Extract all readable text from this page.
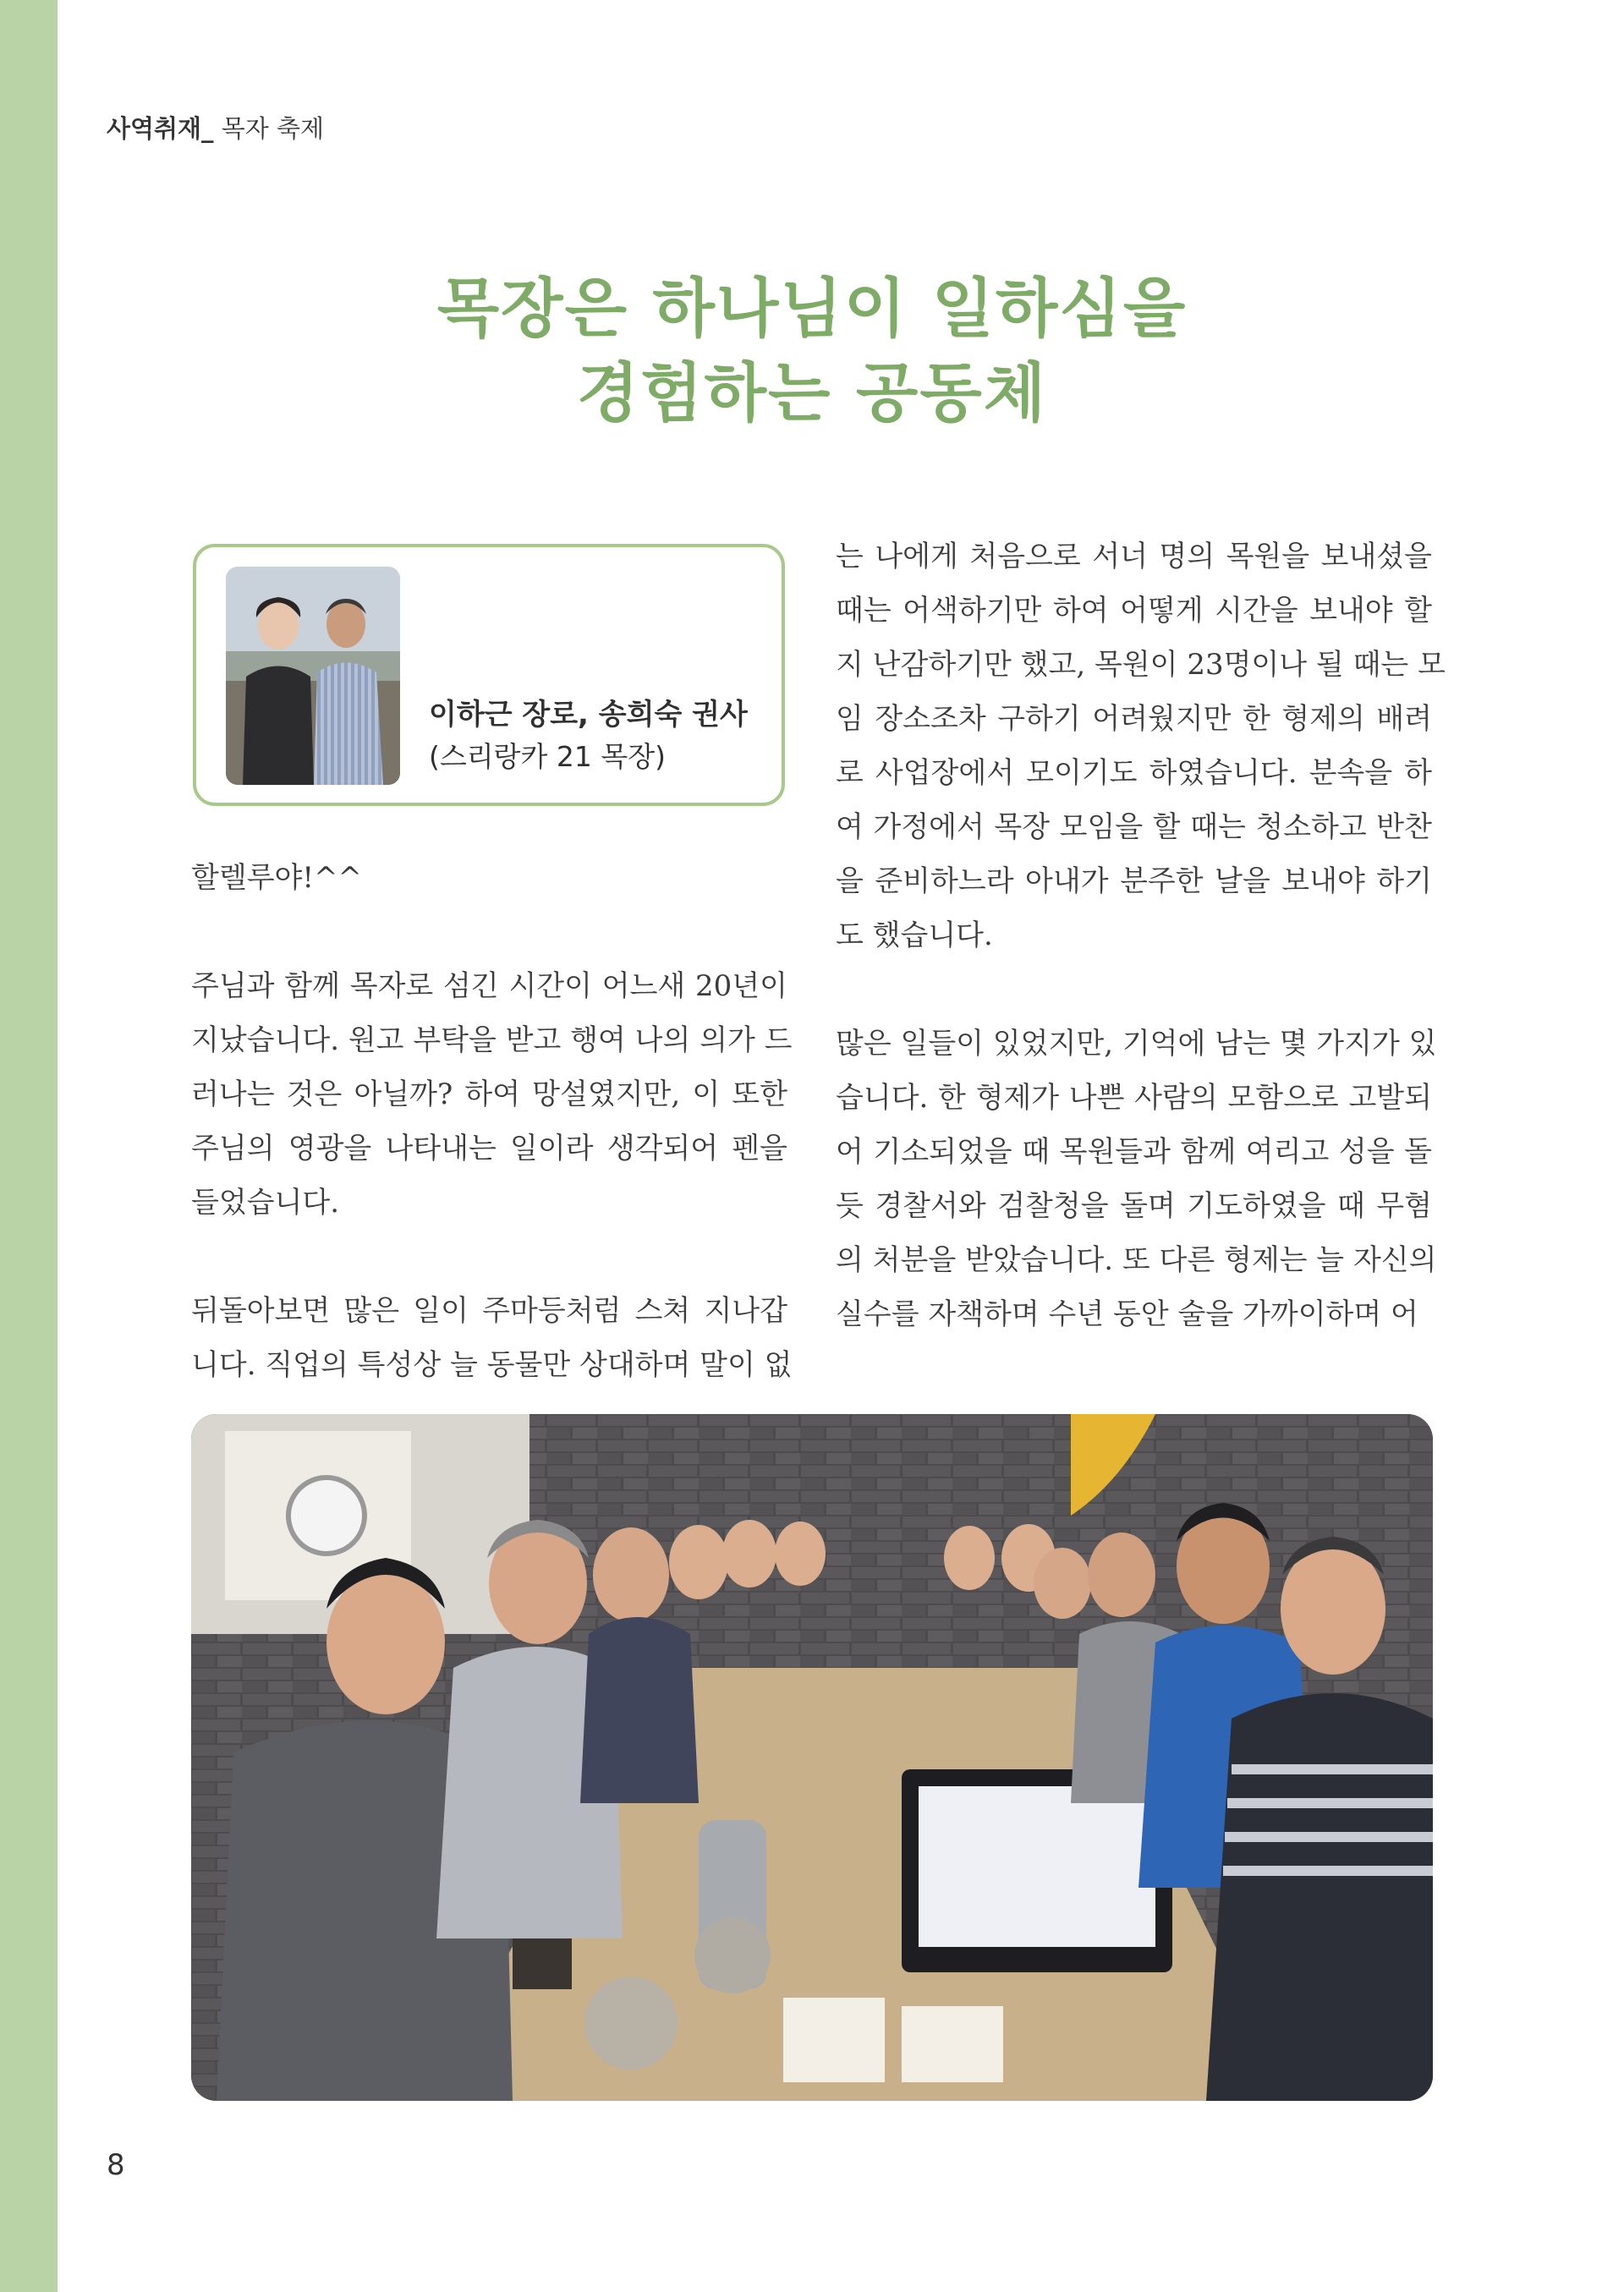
사역취재_ 목자 축제
목장은 하나님이 일하심을
경험하는 공동체
이하근 장로, 송희숙 권사
(스리랑카 21 목장)
할렐루야!^^
주님과 함께 목자로 섬긴 시간이 어느새 20년이
지났습니다. 원고 부탁을 받고 행여 나의 의가 드
러나는 것은 아닐까? 하여 망설였지만, 이 또한
주님의 영광을 나타내는 일이라 생각되어 펜을
들었습니다.
뒤돌아보면 많은 일이 주마등처럼 스쳐 지나갑
니다. 직업의 특성상 늘 동물만 상대하며 말이 없
는 나에게 처음으로 서너 명의 목원을 보내셨을
때는 어색하기만 하여 어떻게 시간을 보내야 할
지 난감하기만 했고, 목원이 23명이나 될 때는 모
임 장소조차 구하기 어려웠지만 한 형제의 배려
로 사업장에서 모이기도 하였습니다. 분속을 하
여 가정에서 목장 모임을 할 때는 청소하고 반찬
을 준비하느라 아내가 분주한 날을 보내야 하기
도 했습니다.
많은 일들이 있었지만, 기억에 남는 몇 가지가 있
습니다. 한 형제가 나쁜 사람의 모함으로 고발되
어 기소되었을 때 목원들과 함께 여리고 성을 돌
듯 경찰서와 검찰청을 돌며 기도하였을 때 무혐
의 처분을 받았습니다. 또 다른 형제는 늘 자신의
실수를 자책하며 수년 동안 술을 가까이하며 어
8
